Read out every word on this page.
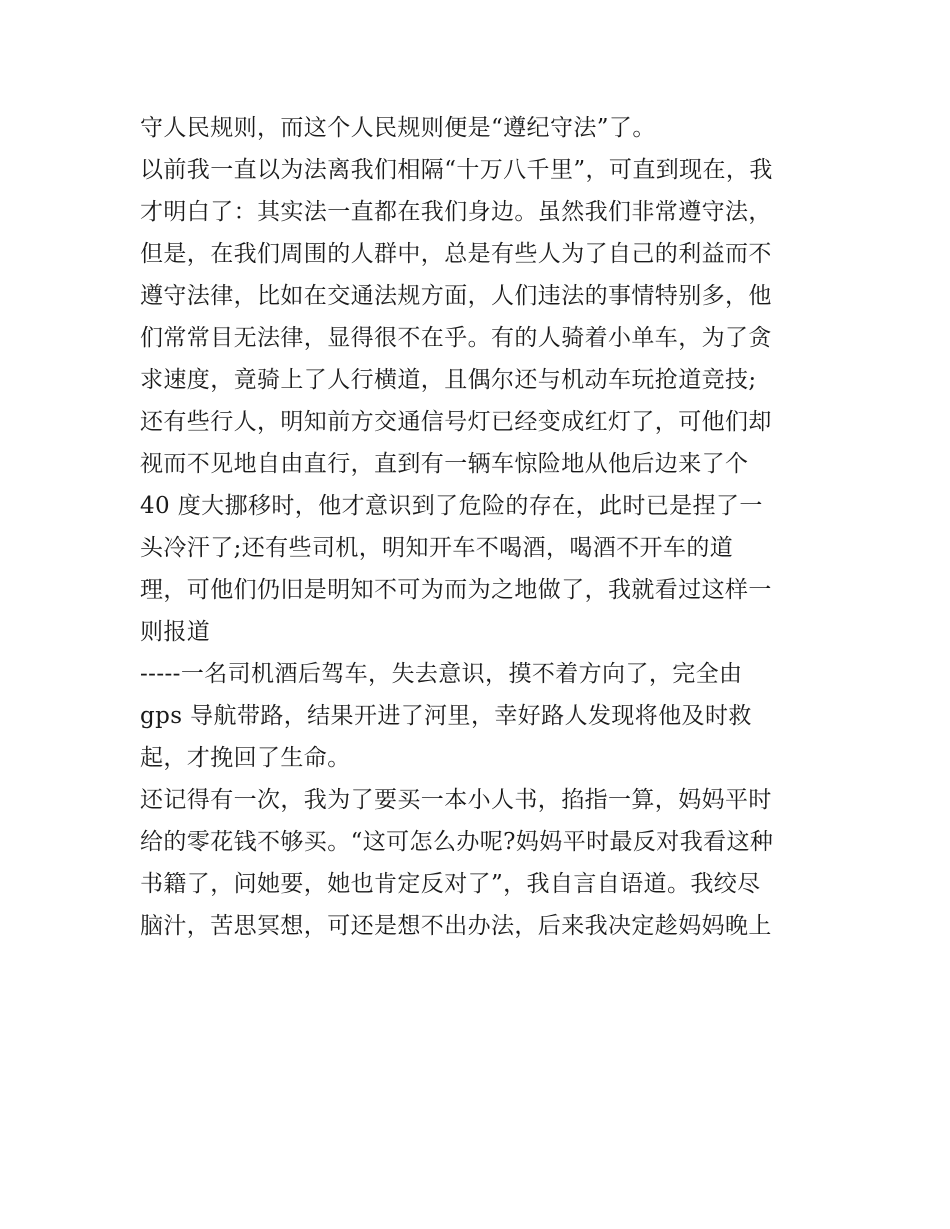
守人民规则，而这个人民规则便是“遵纪守法”了。
以前我一直以为法离我们相隔“十万八千里”，可直到现在，我
才明白了：其实法一直都在我们身边。虽然我们非常遵守法，
但是，在我们周围的人群中，总是有些人为了自己的利益而不
遵守法律，比如在交通法规方面，人们违法的事情特别多，他
们常常目无法律，显得很不在乎。有的人骑着小单车，为了贪
求速度，竟骑上了人行横道，且偶尔还与机动车玩抢道竞技;
还有些行人，明知前方交通信号灯已经变成红灯了，可他们却
视而不见地自由直行，直到有一辆车惊险地从他后边来了个
40 度大挪移时，他才意识到了危险的存在，此时已是捏了一
头冷汗了;还有些司机，明知开车不喝酒，喝酒不开车的道
理，可他们仍旧是明知不可为而为之地做了，我就看过这样一
则报道
-----一名司机酒后驾车，失去意识，摸不着方向了，完全由
gps 导航带路，结果开进了河里，幸好路人发现将他及时救
起，才挽回了生命。
还记得有一次，我为了要买一本小人书，掐指一算，妈妈平时
给的零花钱不够买。“这可怎么办呢?妈妈平时最反对我看这种
书籍了，问她要，她也肯定反对了”，我自言自语道。我绞尽
脑汁，苦思冥想，可还是想不出办法，后来我决定趁妈妈晚上
